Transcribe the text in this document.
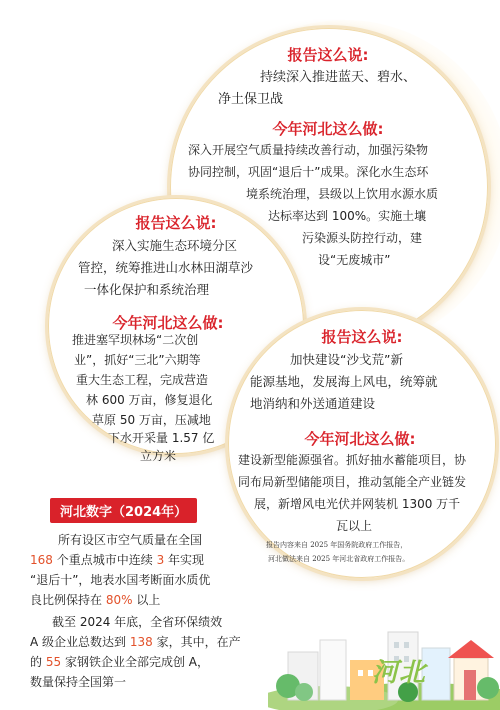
报告这么说:
持续深入推进蓝天、碧水、
净土保卫战
今年河北这么做:
深入开展空气质量持续改善行动，加强污染物
协同控制，巩固“退后十”成果。深化水生态环
境系统治理，县级以上饮用水源水质
达标率达到 100%。实施土壤
污染源头防控行动，建
设“无废城市”
报告这么说:
深入实施生态环境分区
管控，统筹推进山水林田湖草沙
一体化保护和系统治理
今年河北这么做:
推进塞罕坝林场“二次创
业”，抓好“三北”六期等
重大生态工程，完成营造
林 600 万亩，修复退化
草原 50 万亩，压减地
下水开采量 1.57 亿
立方米
报告这么说:
加快建设“沙戈荒”新
能源基地，发展海上风电，统筹就
地消纳和外送通道建设
今年河北这么做:
建设新型能源强省。抓好抽水蓄能项目，协
同布局新型储能项目，推动氢能全产业链发
展，新增风电光伏并网装机 1300 万千
瓦以上
报告内容来自 2025 年国务院政府工作报告，
河北做法来自 2025 年河北省政府工作报告。
河北数字（2024年）
所有设区市空气质量在全国
168 个重点城市中连续 3 年实现
“退后十”，地表水国考断面水质优
良比例保持在 80% 以上
截至 2024 年底，全省环保绩效
A 级企业总数达到 138 家，其中，在产
的 55 家钢铁企业全部完成创 A，
数量保持全国第一	河北
